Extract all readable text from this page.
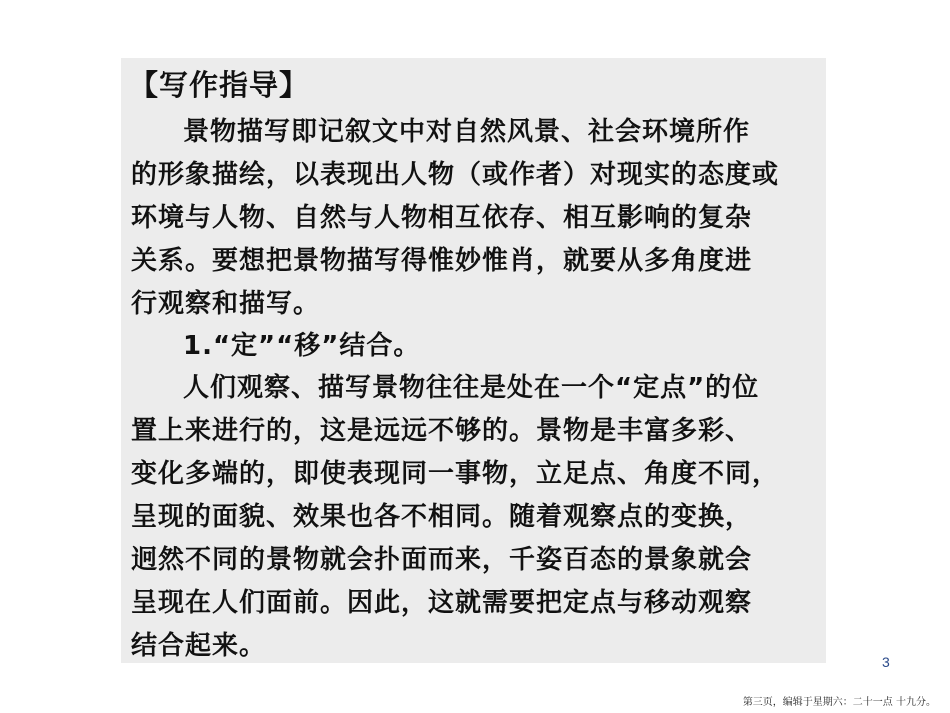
【写作指导】
景物描写即记叙文中对自然风景、社会环境所作
的形象描绘，以表现出人物（或作者）对现实的态度或
环境与人物、自然与人物相互依存、相互影响的复杂
关系。要想把景物描写得惟妙惟肖，就要从多角度进
行观察和描写。
1.“定”“移”结合。
人们观察、描写景物往往是处在一个“定点”的位
置上来进行的，这是远远不够的。景物是丰富多彩、
变化多端的，即使表现同一事物，立足点、角度不同，
呈现的面貌、效果也各不相同。随着观察点的变换，
迥然不同的景物就会扑面而来，千姿百态的景象就会
呈现在人们面前。因此，这就需要把定点与移动观察
结合起来。
3
第三页，编辑于星期六：二十一点 十九分。
